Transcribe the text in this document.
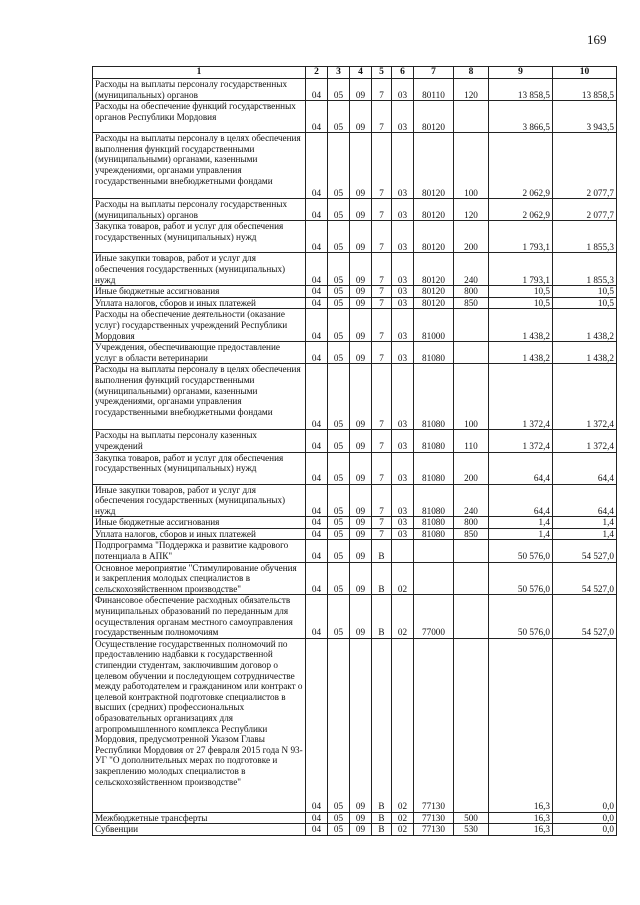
169
1	2	3	4	5	6	7	8	9	10
Расходы на выплаты персоналу государственных (муниципальных) органов	04	05	09	7	03	80110	120	13 858,5	13 858,5
Расходы на обеспечение функций государственных органов Республики Мордовия	04	05	09	7	03	80120		3 866,5	3 943,5
Расходы на выплаты персоналу в целях обеспечения выполнения функций государственными (муниципальными) органами, казенными учреждениями, органами управления государственными внебюджетными фондами	04	05	09	7	03	80120	100	2 062,9	2 077,7
Расходы на выплаты персоналу государственных (муниципальных) органов	04	05	09	7	03	80120	120	2 062,9	2 077,7
Закупка товаров, работ и услуг для обеспечения государственных (муниципальных) нужд	04	05	09	7	03	80120	200	1 793,1	1 855,3
Иные закупки товаров, работ и услуг для обеспечения государственных (муниципальных) нужд	04	05	09	7	03	80120	240	1 793,1	1 855,3
Иные бюджетные ассигнования	04	05	09	7	03	80120	800	10,5	10,5
Уплата налогов, сборов и иных платежей	04	05	09	7	03	80120	850	10,5	10,5
Расходы на обеспечение деятельности (оказание услуг) государственных учреждений Республики Мордовия	04	05	09	7	03	81000		1 438,2	1 438,2
Учреждения, обеспечивающие предоставление услуг в области ветеринарии	04	05	09	7	03	81080		1 438,2	1 438,2
Расходы на выплаты персоналу в целях обеспечения выполнения функций государственными (муниципальными) органами, казенными учреждениями, органами управления государственными внебюджетными фондами	04	05	09	7	03	81080	100	1 372,4	1 372,4
Расходы на выплаты персоналу казенных учреждений	04	05	09	7	03	81080	110	1 372,4	1 372,4
Закупка товаров, работ и услуг для обеспечения государственных (муниципальных) нужд	04	05	09	7	03	81080	200	64,4	64,4
Иные закупки товаров, работ и услуг для обеспечения государственных (муниципальных) нужд	04	05	09	7	03	81080	240	64,4	64,4
Иные бюджетные ассигнования	04	05	09	7	03	81080	800	1,4	1,4
Уплата налогов, сборов и иных платежей	04	05	09	7	03	81080	850	1,4	1,4
Подпрограмма "Поддержка и развитие кадрового потенциала в АПК"	04	05	09	В				50 576,0	54 527,0
Основное мероприятие "Стимулирование обучения и закрепления молодых специалистов в сельскохозяйственном производстве"	04	05	09	В	02			50 576,0	54 527,0
Финансовое обеспечение расходных обязательств муниципальных образований по переданным для осуществления органам местного самоуправления государственным полномочиям	04	05	09	В	02	77000		50 576,0	54 527,0
Осуществление государственных полномочий по предоставлению надбавки к государственной стипендии студентам, заключившим договор о целевом обучении и последующем сотрудничестве между работодателем и гражданином или контракт о целевой контрактной подготовке специалистов в высших (средних) профессиональных образовательных организациях для агропромышленного комплекса Республики Мордовия, предусмотренной Указом Главы Республики Мордовия от 27 февраля 2015 года N 93-УГ "О дополнительных мерах по подготовке и закреплению молодых специалистов в сельскохозяйственном производстве"	04	05	09	В	02	77130		16,3	0,0
Межбюджетные трансферты	04	05	09	В	02	77130	500	16,3	0,0
Субвенции	04	05	09	В	02	77130	530	16,3	0,0
